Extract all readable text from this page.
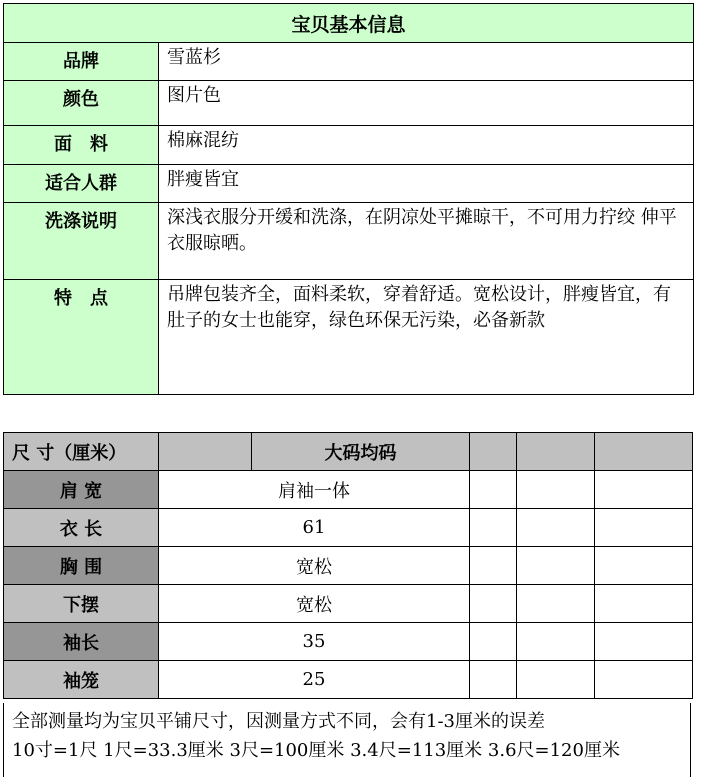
宝贝基本信息	
品牌	雪蓝杉
颜色	图片色
面　料	棉麻混纺
适合人群	胖瘦皆宜
洗涤说明	深浅衣服分开缓和洗涤，在阴凉处平摊晾干，不可用力拧绞 伸平衣服晾晒。
特　点	吊牌包装齐全，面料柔软，穿着舒适。宽松设计，胖瘦皆宜，有肚子的女士也能穿，绿色环保无污染，必备新款
尺 寸（厘米）		大码均码			
肩 宽	肩袖一体				
衣 长	61				
胸 围	宽松				
下摆	宽松				
袖长	35				
袖笼	25				
全部测量均为宝贝平铺尺寸，因测量方式不同，会有1-3厘米的误差
10寸=1尺 1尺=33.3厘米 3尺=100厘米 3.4尺=113厘米 3.6尺=120厘米
